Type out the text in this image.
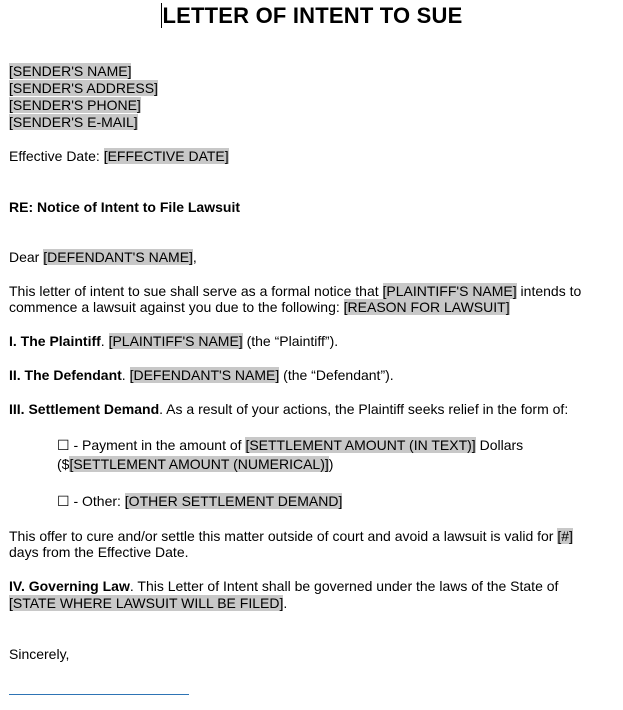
LETTER OF INTENT TO SUE
[SENDER'S NAME]
[SENDER'S ADDRESS]
[SENDER'S PHONE]
[SENDER'S E-MAIL]
Effective Date: [EFFECTIVE DATE]
RE: Notice of Intent to File Lawsuit
Dear [DEFENDANT'S NAME],
This letter of intent to sue shall serve as a formal notice that [PLAINTIFF'S NAME] intends to
commence a lawsuit against you due to the following: [REASON FOR LAWSUIT]
I. The Plaintiff. [PLAINTIFF'S NAME] (the “Plaintiff”).
II. The Defendant. [DEFENDANT'S NAME] (the “Defendant”).
III. Settlement Demand. As a result of your actions, the Plaintiff seeks relief in the form of:
☐ - Payment in the amount of [SETTLEMENT AMOUNT (IN TEXT)] Dollars
($[SETTLEMENT AMOUNT (NUMERICAL)])
☐ - Other: [OTHER SETTLEMENT DEMAND]
This offer to cure and/or settle this matter outside of court and avoid a lawsuit is valid for [#]
days from the Effective Date.
IV. Governing Law. This Letter of Intent shall be governed under the laws of the State of
[STATE WHERE LAWSUIT WILL BE FILED].
Sincerely,
